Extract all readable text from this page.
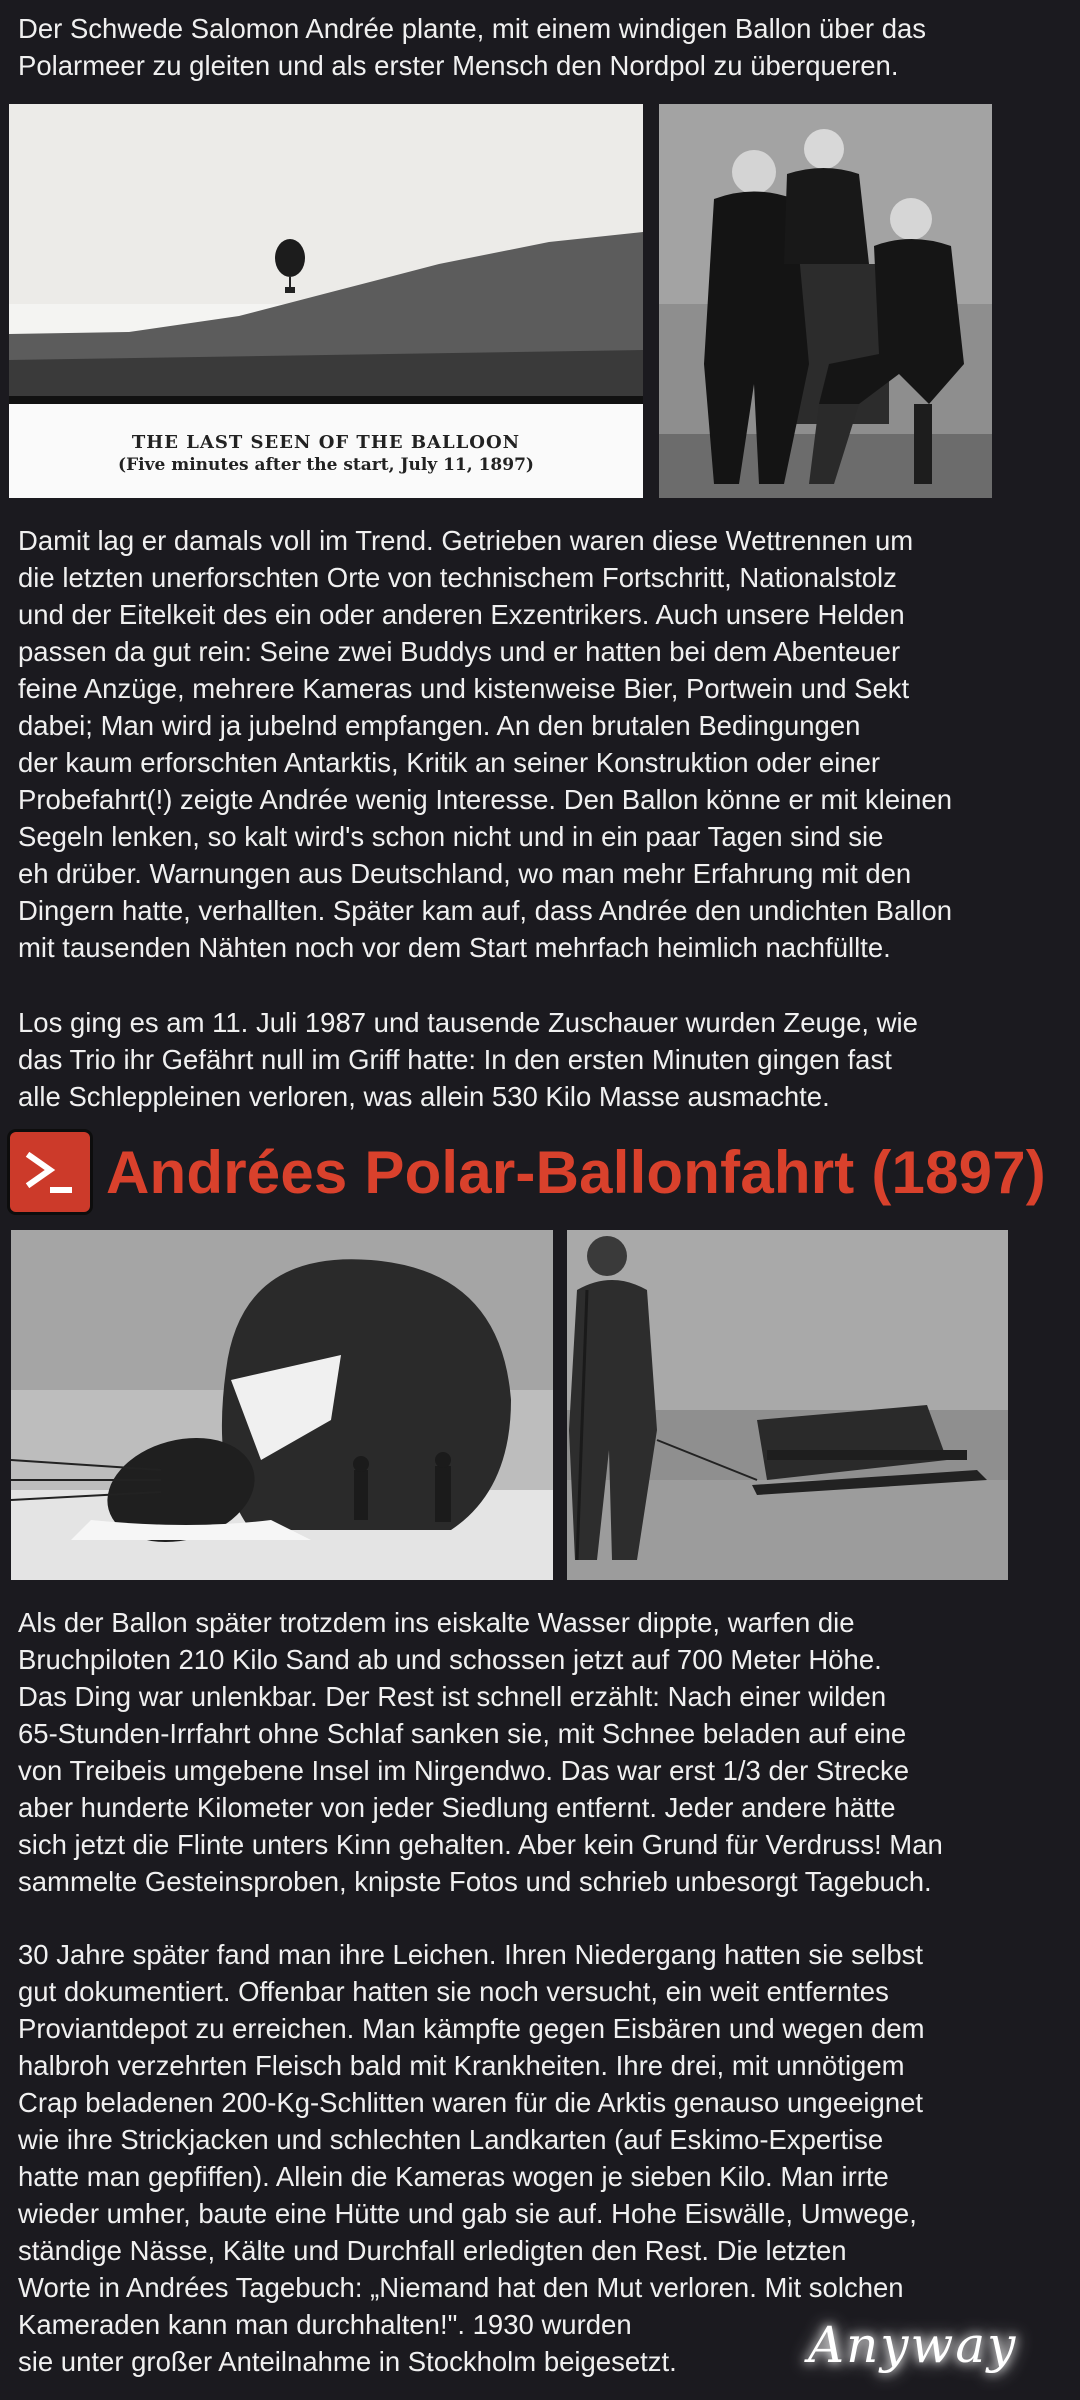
Der Schwede Salomon Andrée plante, mit einem windigen Ballon über das
Polarmeer zu gleiten und als erster Mensch den Nordpol zu überqueren.

THE LAST SEEN OF THE BALLOON
(Five minutes after the start, July 11, 1897)

Damit lag er damals voll im Trend. Getrieben waren diese Wettrennen um
die letzten unerforschten Orte von technischem Fortschritt, Nationalstolz
und der Eitelkeit des ein oder anderen Exzentrikers. Auch unsere Helden
passen da gut rein: Seine zwei Buddys und er hatten bei dem Abenteuer
feine Anzüge, mehrere Kameras und kistenweise Bier, Portwein und Sekt
dabei; Man wird ja jubelnd empfangen. An den brutalen Bedingungen
der kaum erforschten Antarktis, Kritik an seiner Konstruktion oder einer
Probefahrt(!) zeigte Andrée wenig Interesse. Den Ballon könne er mit kleinen
Segeln lenken, so kalt wird's schon nicht und in ein paar Tagen sind sie
eh drüber. Warnungen aus Deutschland, wo man mehr Erfahrung mit den
Dingern hatte, verhallten. Später kam auf, dass Andrée den undichten Ballon
mit tausenden Nähten noch vor dem Start mehrfach heimlich nachfüllte.

Los ging es am 11. Juli 1987 und tausende Zuschauer wurden Zeuge, wie
das Trio ihr Gefährt null im Griff hatte: In den ersten Minuten gingen fast
alle Schleppleinen verloren, was allein 530 Kilo Masse ausmachte.

Andrées Polar-Ballonfahrt (1897)

Als der Ballon später trotzdem ins eiskalte Wasser dippte, warfen die
Bruchpiloten 210 Kilo Sand ab und schossen jetzt auf 700 Meter Höhe.
Das Ding war unlenkbar. Der Rest ist schnell erzählt: Nach einer wilden
65-Stunden-Irrfahrt ohne Schlaf sanken sie, mit Schnee beladen auf eine
von Treibeis umgebene Insel im Nirgendwo. Das war erst 1/3 der Strecke
aber hunderte Kilometer von jeder Siedlung entfernt. Jeder andere hätte
sich jetzt die Flinte unters Kinn gehalten. Aber kein Grund für Verdruss! Man
sammelte Gesteinsproben, knipste Fotos und schrieb unbesorgt Tagebuch.

30 Jahre später fand man ihre Leichen. Ihren Niedergang hatten sie selbst
gut dokumentiert. Offenbar hatten sie noch versucht, ein weit entferntes
Proviantdepot zu erreichen. Man kämpfte gegen Eisbären und wegen dem
halbroh verzehrten Fleisch bald mit Krankheiten. Ihre drei, mit unnötigem
Crap beladenen 200-Kg-Schlitten waren für die Arktis genauso ungeeignet
wie ihre Strickjacken und schlechten Landkarten (auf Eskimo-Expertise
hatte man gepfiffen). Allein die Kameras wogen je sieben Kilo. Man irrte
wieder umher, baute eine Hütte und gab sie auf. Hohe Eiswälle, Umwege,
ständige Nässe, Kälte und Durchfall erledigten den Rest. Die letzten
Worte in Andrées Tagebuch: „Niemand hat den Mut verloren. Mit solchen
Kameraden kann man durchhalten!". 1930 wurden
sie unter großer Anteilnahme in Stockholm beigesetzt.	Anyway
